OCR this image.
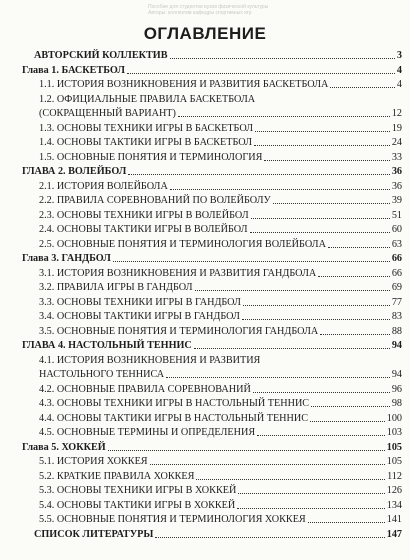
Пособие для студентов вузов физической культуры
Авторы: коллектив кафедры спортивных игр
ОГЛАВЛЕНИЕ
АВТОРСКИЙ КОЛЛЕКТИВ	3
Глава 1. БАСКЕТБОЛ	4
1.1. ИСТОРИЯ ВОЗНИКНОВЕНИЯ И РАЗВИТИЯ БАСКЕТБОЛА	4
1.2. ОФИЦИАЛЬНЫЕ ПРАВИЛА БАСКЕТБОЛА
(СОКРАЩЕННЫЙ ВАРИАНТ)	12
1.3. ОСНОВЫ ТЕХНИКИ ИГРЫ В БАСКЕТБОЛ	19
1.4. ОСНОВЫ ТАКТИКИ ИГРЫ В БАСКЕТБОЛ	24
1.5. ОСНОВНЫЕ ПОНЯТИЯ И ТЕРМИНОЛОГИЯ	33
ГЛАВА 2. ВОЛЕЙБОЛ	36
2.1. ИСТОРИЯ ВОЛЕЙБОЛА	36
2.2. ПРАВИЛА СОРЕВНОВАНИЙ ПО ВОЛЕЙБОЛУ	39
2.3. ОСНОВЫ ТЕХНИКИ ИГРЫ В ВОЛЕЙБОЛ	51
2.4. ОСНОВЫ ТАКТИКИ ИГРЫ В ВОЛЕЙБОЛ	60
2.5. ОСНОВНЫЕ ПОНЯТИЯ И ТЕРМИНОЛОГИЯ ВОЛЕЙБОЛА	63
Глава 3. ГАНДБОЛ	66
3.1. ИСТОРИЯ ВОЗНИКНОВЕНИЯ И РАЗВИТИЯ ГАНДБОЛА	66
3.2. ПРАВИЛА ИГРЫ В ГАНДБОЛ	69
3.3. ОСНОВЫ ТЕХНИКИ ИГРЫ В ГАНДБОЛ	77
3.4. ОСНОВЫ ТАКТИКИ ИГРЫ В ГАНДБОЛ	83
3.5. ОСНОВНЫЕ ПОНЯТИЯ И ТЕРМИНОЛОГИЯ ГАНДБОЛА	88
ГЛАВА 4. НАСТОЛЬНЫЙ ТЕННИС	94
4.1. ИСТОРИЯ ВОЗНИКНОВЕНИЯ И РАЗВИТИЯ
НАСТОЛЬНОГО ТЕННИСА	94
4.2. ОСНОВНЫЕ ПРАВИЛА СОРЕВНОВАНИЙ	96
4.3. ОСНОВЫ ТЕХНИКИ ИГРЫ В НАСТОЛЬНЫЙ ТЕННИС	98
4.4. ОСНОВЫ ТАКТИКИ ИГРЫ В НАСТОЛЬНЫЙ ТЕННИС	100
4.5. ОСНОВНЫЕ ТЕРМИНЫ И ОПРЕДЕЛЕНИЯ	103
Глава 5. ХОККЕЙ	105
5.1. ИСТОРИЯ ХОККЕЯ	105
5.2. КРАТКИЕ ПРАВИЛА ХОККЕЯ	112
5.3. ОСНОВЫ ТЕХНИКИ ИГРЫ В ХОККЕЙ	126
5.4. ОСНОВЫ ТАКТИКИ ИГРЫ В ХОККЕЙ	134
5.5. ОСНОВНЫЕ ПОНЯТИЯ И ТЕРМИНОЛОГИЯ ХОККЕЯ	141
СПИСОК ЛИТЕРАТУРЫ	147
